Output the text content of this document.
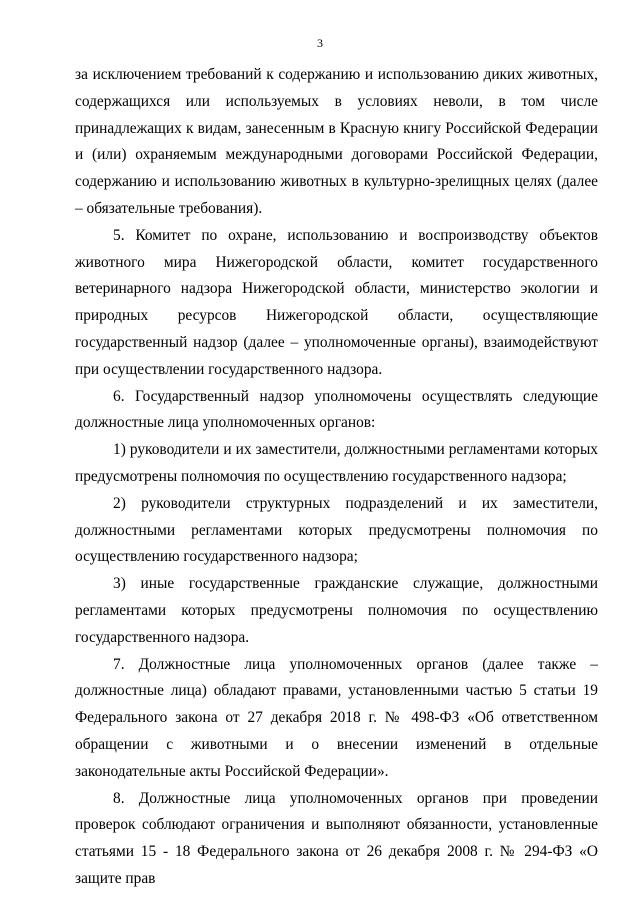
3

за исключением требований к содержанию и использованию диких животных, содержащихся или используемых в условиях неволи, в том числе принадлежащих к видам, занесенным в Красную книгу Российской Федерации и (или) охраняемым международными договорами Российской Федерации, содержанию и использованию животных в культурно-зрелищных целях (далее – обязательные требования).

5. Комитет по охране, использованию и воспроизводству объектов животного мира Нижегородской области, комитет государственного ветеринарного надзора Нижегородской области, министерство экологии и природных ресурсов Нижегородской области, осуществляющие государственный надзор (далее – уполномоченные органы), взаимодействуют при осуществлении государственного надзора.

6. Государственный надзор уполномочены осуществлять следующие должностные лица уполномоченных органов:

1) руководители и их заместители, должностными регламентами которых предусмотрены полномочия по осуществлению государственного надзора;

2) руководители структурных подразделений и их заместители, должностными регламентами которых предусмотрены полномочия по осуществлению государственного надзора;

3) иные государственные гражданские служащие, должностными регламентами которых предусмотрены полномочия по осуществлению государственного надзора.

7. Должностные лица уполномоченных органов (далее также – должностные лица) обладают правами, установленными частью 5 статьи 19 Федерального закона от 27 декабря 2018 г. № 498-ФЗ «Об ответственном обращении с животными и о внесении изменений в отдельные законодательные акты Российской Федерации».

8. Должностные лица уполномоченных органов при проведении проверок соблюдают ограничения и выполняют обязанности, установленные статьями 15 - 18 Федерального закона от 26 декабря 2008 г. № 294-ФЗ «О защите прав
